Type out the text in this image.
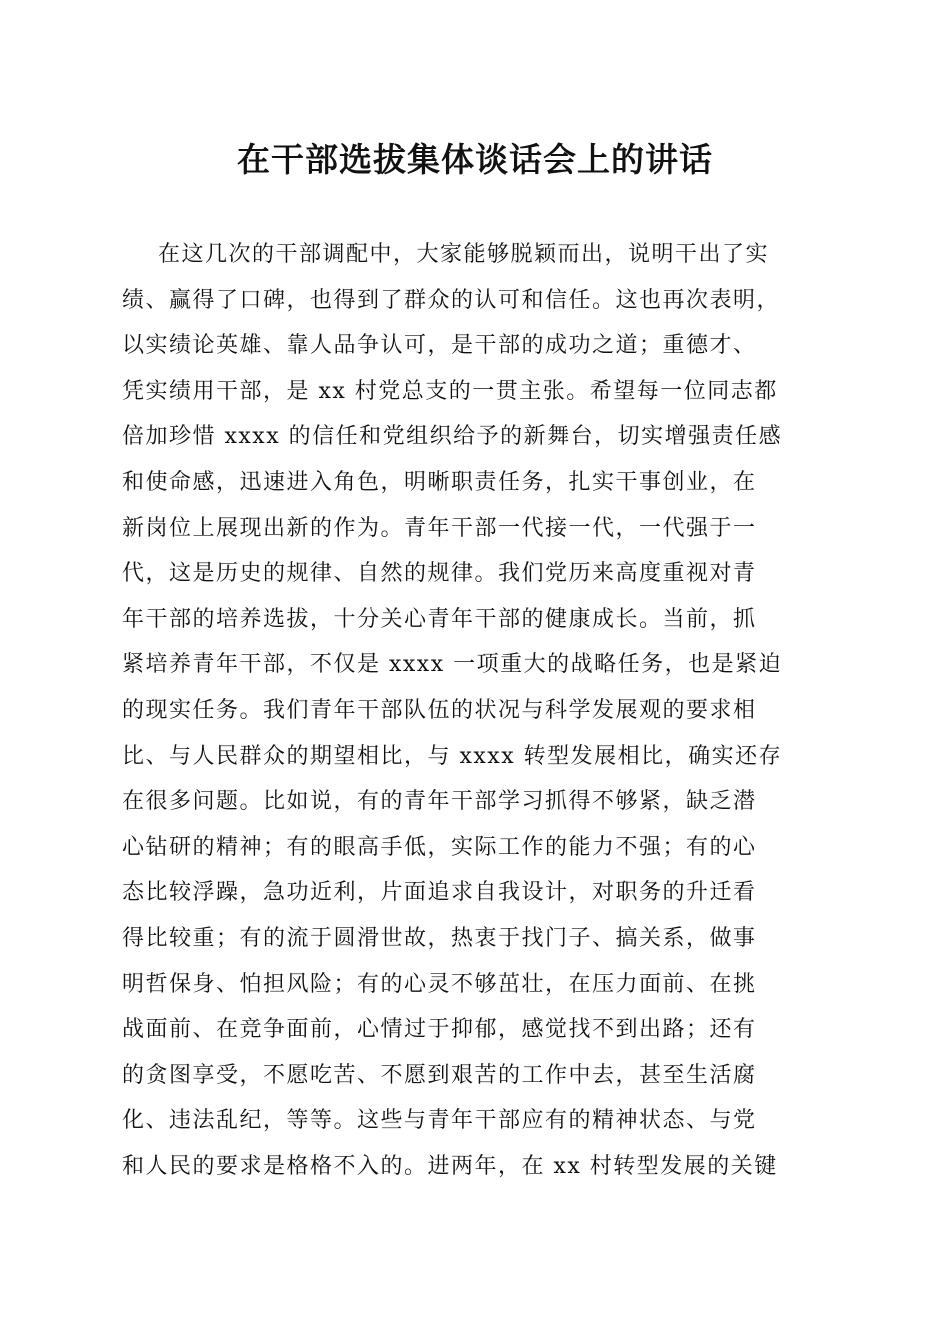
在干部选拔集体谈话会上的讲话
在这几次的干部调配中，大家能够脱颖而出，说明干出了实
绩、赢得了口碑，也得到了群众的认可和信任。这也再次表明，
以实绩论英雄、靠人品争认可，是干部的成功之道；重德才、
凭实绩用干部，是 xx 村党总支的一贯主张。希望每一位同志都
倍加珍惜 xxxx 的信任和党组织给予的新舞台，切实增强责任感
和使命感，迅速进入角色，明晰职责任务，扎实干事创业，在
新岗位上展现出新的作为。青年干部一代接一代，一代强于一
代，这是历史的规律、自然的规律。我们党历来高度重视对青
年干部的培养选拔，十分关心青年干部的健康成长。当前，抓
紧培养青年干部，不仅是 xxxx 一项重大的战略任务，也是紧迫
的现实任务。我们青年干部队伍的状况与科学发展观的要求相
比、与人民群众的期望相比，与 xxxx 转型发展相比，确实还存
在很多问题。比如说，有的青年干部学习抓得不够紧，缺乏潜
心钻研的精神；有的眼高手低，实际工作的能力不强；有的心
态比较浮躁，急功近利，片面追求自我设计，对职务的升迁看
得比较重；有的流于圆滑世故，热衷于找门子、搞关系，做事
明哲保身、怕担风险；有的心灵不够茁壮，在压力面前、在挑
战面前、在竞争面前，心情过于抑郁，感觉找不到出路；还有
的贪图享受，不愿吃苦、不愿到艰苦的工作中去，甚至生活腐
化、违法乱纪，等等。这些与青年干部应有的精神状态、与党
和人民的要求是格格不入的。进两年，在 xx 村转型发展的关键
